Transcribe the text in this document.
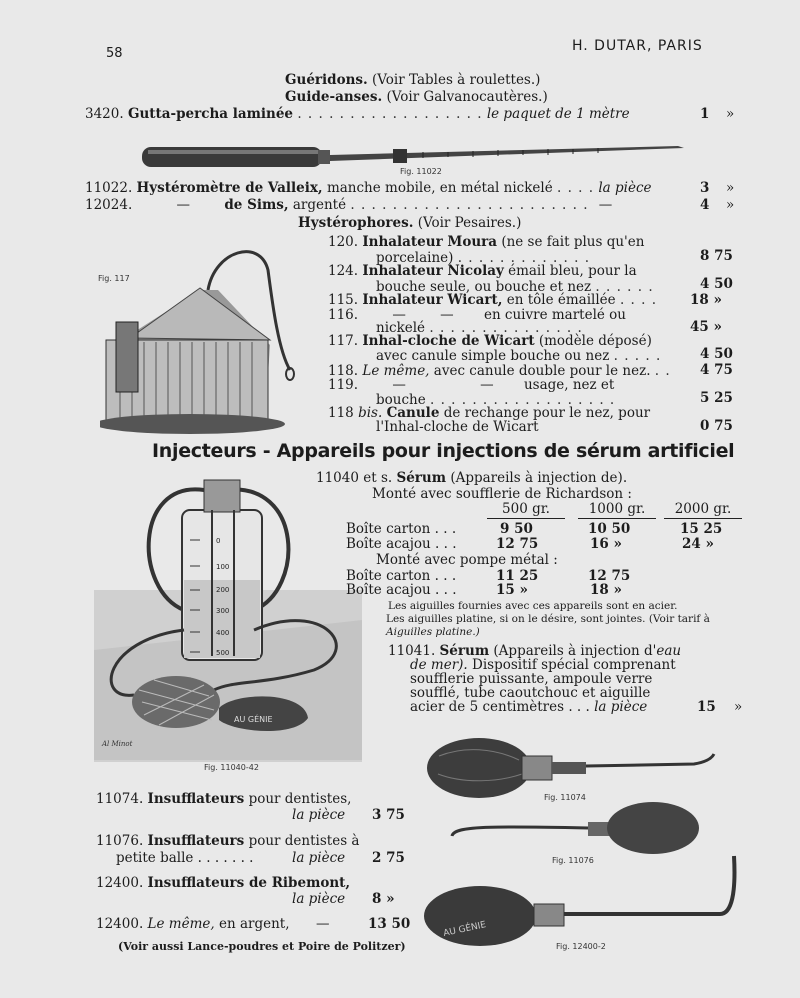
58	H. DUTAR, PARIS
Guéridons. (Voir Tables à roulettes.)
Guide-anses. (Voir Galvanocautères.)
3420. Gutta-percha laminée . . . . . . . . . . . . . . . . . . le paquet de 1 mètre	1 »
Fig. 11022
11022. Hystéromètre de Valleix, manche mobile, en métal nickelé . . . . la pièce	3 »
12024.	—	de Sims, argenté . . . . . . . . . . . . . . . . . . . . . . . —	4 »
Hystérophores. (Voir Pesaires.)
Fig. 117
120. Inhalateur Moura (ne se fait plus qu'en
porcelaine) . . . . . . . . . . . . .	8 75
124. Inhalateur Nicolay émail bleu, pour la
bouche seule, ou bouche et nez . . . . . .	4 50
115. Inhalateur Wicart, en tôle émaillée . . . . 18 »
116.	—	— en cuivre martelé ou
nickelé . . . . . . . . . . . . . . .	45 »
117. Inhal-cloche de Wicart (modèle déposé)
avec canule simple bouche ou nez . . . . .	4 50
118. Le même, avec canule double pour le nez. . . 4 75
119.	—	— usage, nez et
bouche . . . . . . . . . . . . . . . . . .	5 25
118 bis. Canule de rechange pour le nez, pour
l'Inhal-cloche de Wicart	0 75
Injecteurs - Appareils pour injections de sérum artificiel
0
100
200
300
400
500
AU GÉNIE
Al Minot
Fig. 11040-42
11040 et s. Sérum (Appareils à injection de).
Monté avec soufflerie de Richardson :
500 gr.	1000 gr.	2000 gr.
Boîte carton . . .	9 50	10 50	15 25
Boîte acajou . . .	12 75	16 »	24 »
Monté avec pompe métal :
Boîte carton . . .	11 25	12 75
Boîte acajou . . .	15 »	18 »
Les aiguilles fournies avec ces appareils sont en acier.
Les aiguilles platine, si on le désire, sont jointes. (Voir tarif à
Aiguilles platine.)
11041. Sérum (Appareils à injection d'eau
de mer). Dispositif spécial comprenant
soufflerie puissante, ampoule verre
soufflé, tube caoutchouc et aiguille
acier de 5 centimètres . . . la pièce	15 »
11074. Insufflateurs pour dentistes,
la pièce 3 75
11076. Insufflateurs pour dentistes à
petite balle . . . . . . .	la pièce 2 75
12400. Insufflateurs de Ribemont,
la pièce 8 »
12400. Le même, en argent, —	13 50
(Voir aussi Lance-poudres et Poire de Politzer)
Fig. 11074
Fig. 11076
AU GÉNIE
Fig. 12400-2
